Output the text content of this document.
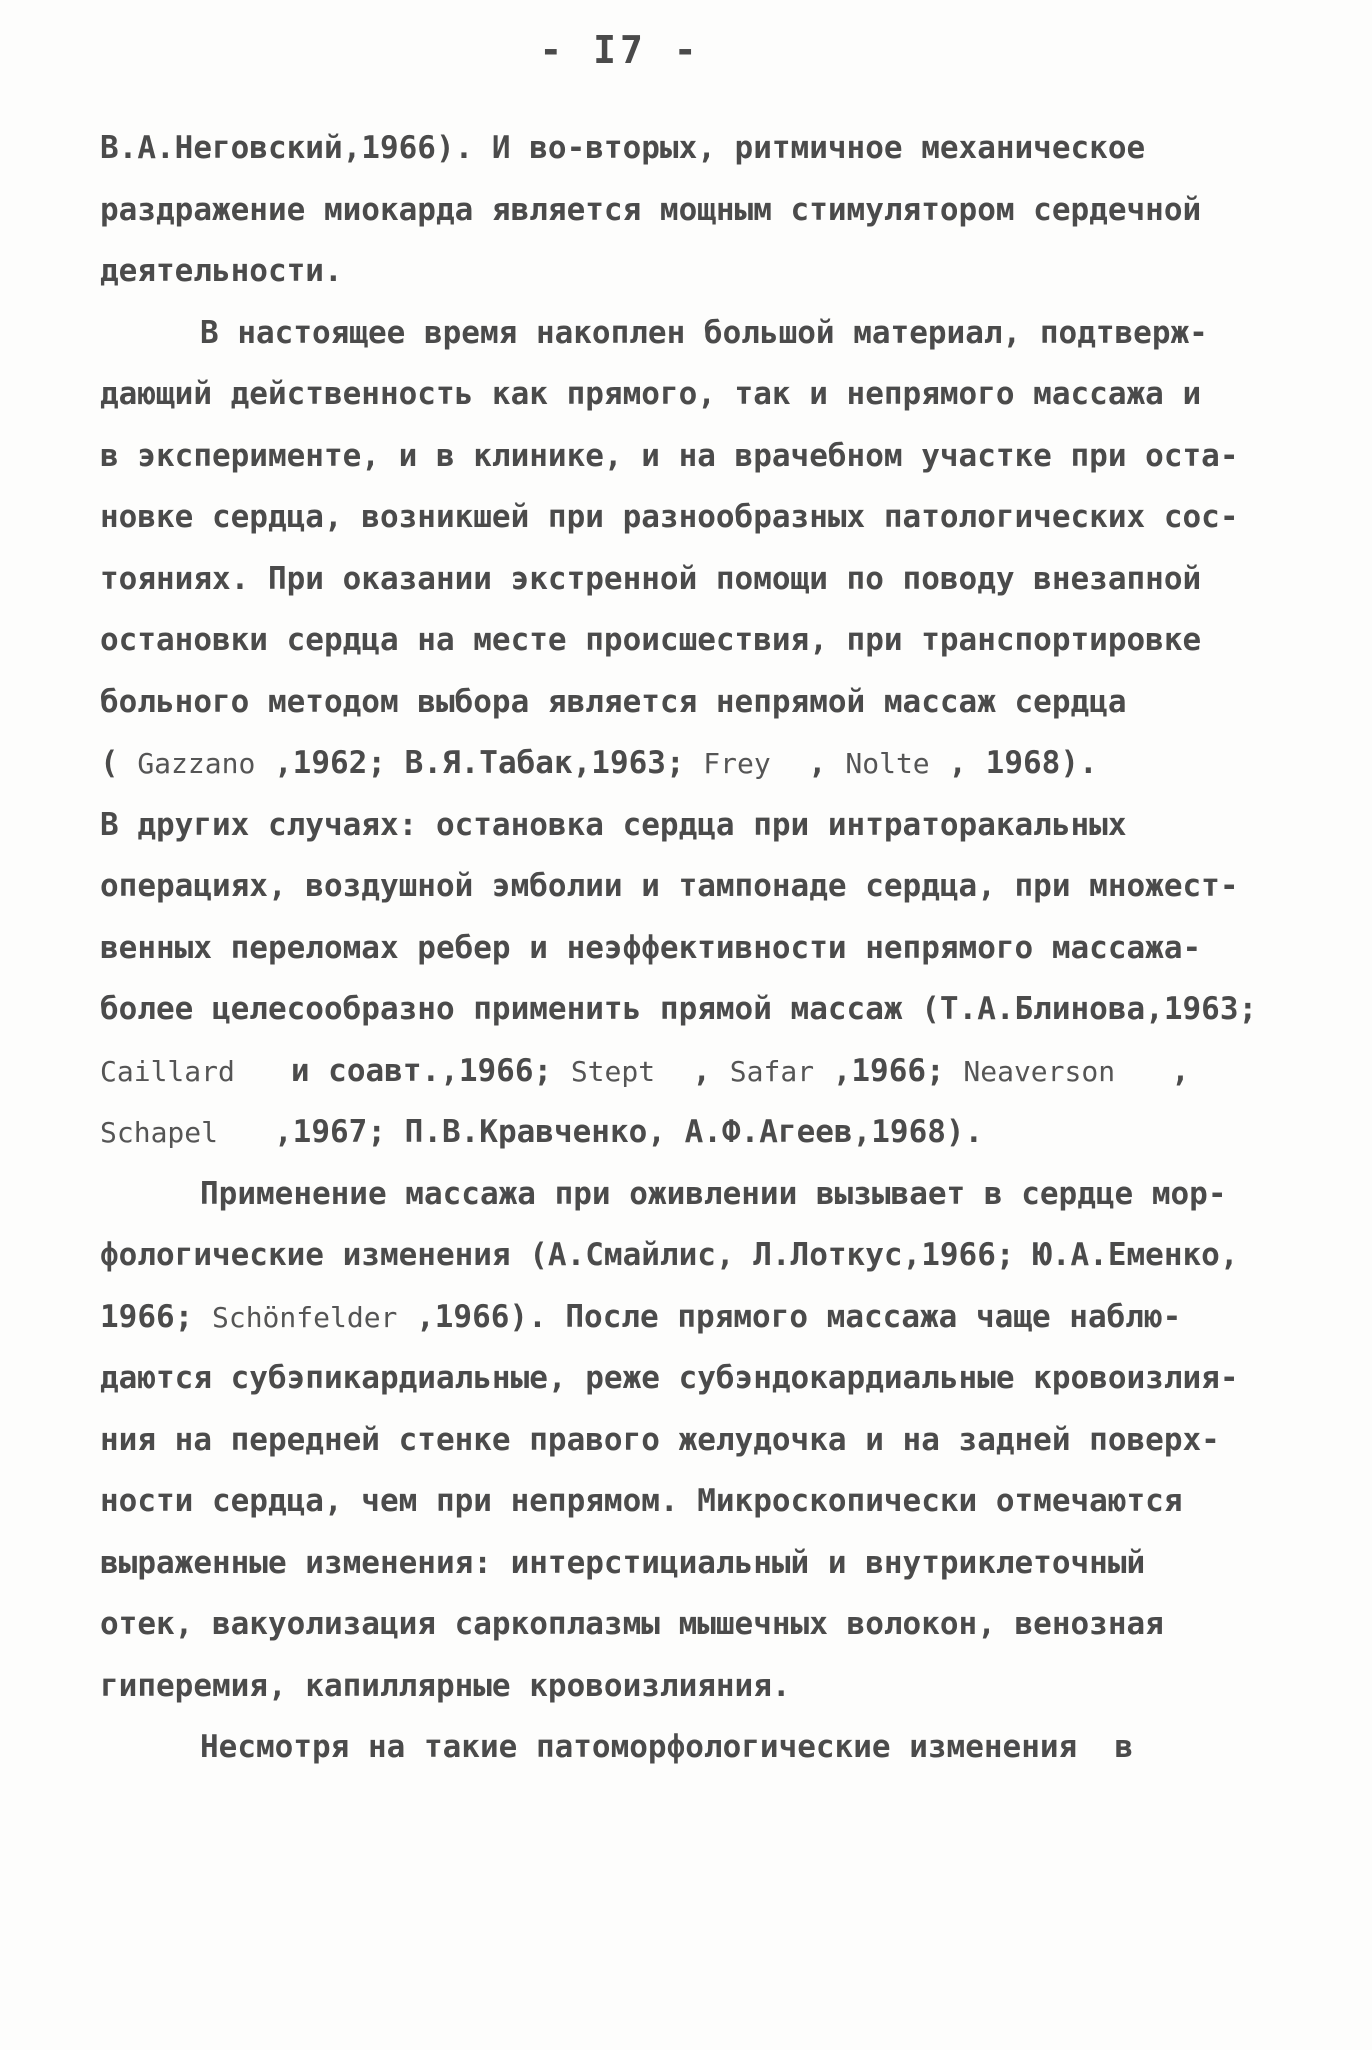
- I7 -
В.А.Неговский,1966). И во-вторых, ритмичное механическое
раздражение миокарда является мощным стимулятором сердечной
деятельности.
В настоящее время накоплен большой материал, подтверж-
дающий действенность как прямого, так и непрямого массажа и
в эксперименте, и в клинике, и на врачебном участке при оста-
новке сердца, возникшей при разнообразных патологических сос-
тояниях. При оказании экстренной помощи по поводу внезапной
остановки сердца на месте происшествия, при транспортировке
больного методом выбора является непрямой массаж сердца
( Gazzano ,1962; В.Я.Табак,1963; Frey  , Nolte , 1968).
В других случаях: остановка сердца при интраторакальных
операциях, воздушной эмболии и тампонаде сердца, при множест-
венных переломах ребер и неэффективности непрямого массажа-
более целесообразно применить прямой массаж (Т.А.Блинова,1963;
Caillard   и соавт.,1966; Stept  , Safar ,1966; Neaverson   ,
Schapel   ,1967; П.В.Кравченко, А.Ф.Агеев,1968).
Применение массажа при оживлении вызывает в сердце мор-
фологические изменения (А.Смайлис, Л.Лоткус,1966; Ю.А.Еменко,
1966; Schönfelder ,1966). После прямого массажа чаще наблю-
даются субэпикардиальные, реже субэндокардиальные кровоизлия-
ния на передней стенке правого желудочка и на задней поверх-
ности сердца, чем при непрямом. Микроскопически отмечаются
выраженные изменения: интерстициальный и внутриклеточный
отек, вакуолизация саркоплазмы мышечных волокон, венозная
гиперемия, капиллярные кровоизлияния.
Несмотря на такие патоморфологические изменения  в
